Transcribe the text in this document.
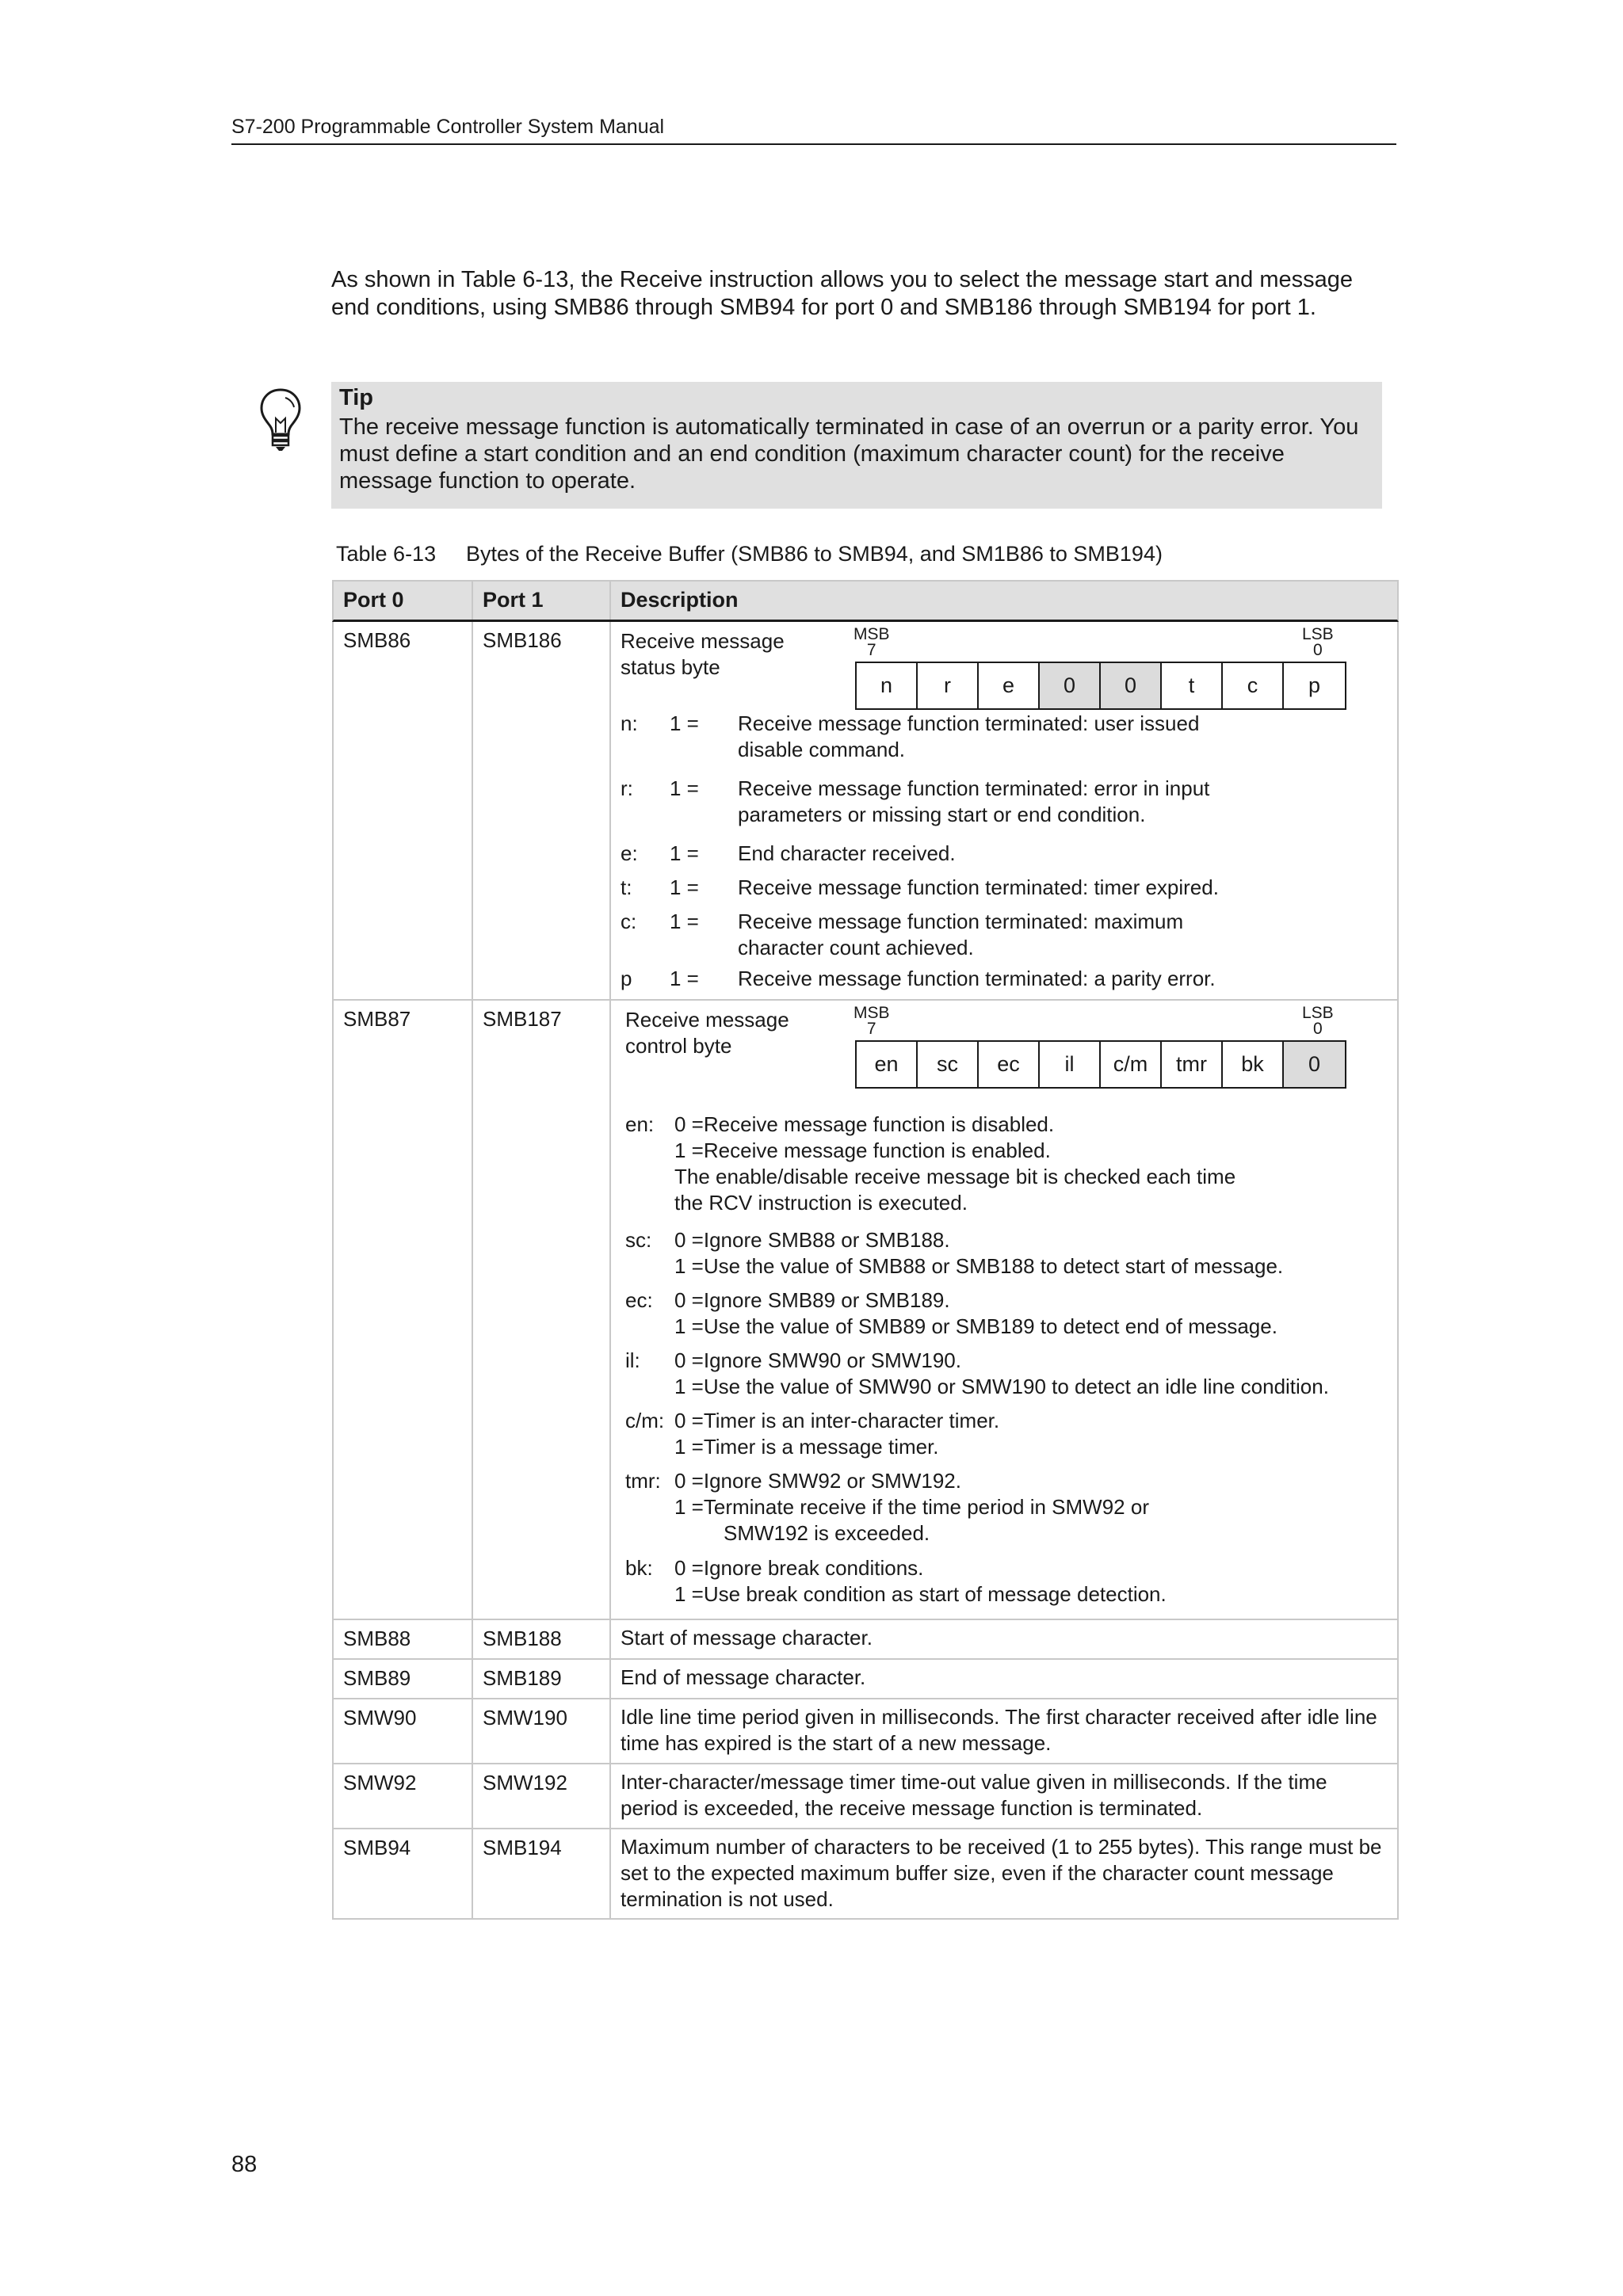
S7-200 Programmable Controller System Manual
As shown in Table 6-13, the Receive instruction allows you to select the message start and message end conditions, using SMB86 through SMB94 for port 0 and SMB186 through SMB194 for port 1.
Tip
The receive message function is automatically terminated in case of an overrun or a parity error. You must define a start condition and an end condition (maximum character count) for the receive message function to operate.
Table 6-13 Bytes of the Receive Buffer (SMB86 to SMB94, and SM1B86 to SMB194)
Port 0	Port 1	Description
SMB86	SMB186	Receive message
status byte
MSB
7
LSB
0
n	r	e	0	0	t	c	p
n: 1 = Receive message function terminated: user issued
disable command.
r: 1 = Receive message function terminated: error in input
parameters or missing start or end condition.
e: 1 = End character received.
t: 1 = Receive message function terminated: timer expired.
c: 1 = Receive message function terminated: maximum
character count achieved.
p 1 = Receive message function terminated: a parity error.
SMB87	SMB187	Receive message
control byte
MSB
7
LSB
0
en	sc	ec	il	c/m	tmr	bk	0
en: 0 =Receive message function is disabled.
1 =Receive message function is enabled.
The enable/disable receive message bit is checked each time
the RCV instruction is executed.
sc: 0 =Ignore SMB88 or SMB188.
1 =Use the value of SMB88 or SMB188 to detect start of message.
ec: 0 =Ignore SMB89 or SMB189.
1 =Use the value of SMB89 or SMB189 to detect end of message.
il: 0 =Ignore SMW90 or SMW190.
1 =Use the value of SMW90 or SMW190 to detect an idle line condition.
c/m: 0 =Timer is an inter-character timer.
1 =Timer is a message timer.
tmr: 0 =Ignore SMW92 or SMW192.
1 =Terminate receive if the time period in SMW92 or
SMW192 is exceeded.
bk: 0 =Ignore break conditions.
1 =Use break condition as start of message detection.
SMB88	SMB188	Start of message character.
SMB89	SMB189	End of message character.
SMW90	SMW190	Idle line time period given in milliseconds. The first character received after idle line time has expired is the start of a new message.
SMW92	SMW192	Inter-character/message timer time-out value given in milliseconds. If the time period is exceeded, the receive message function is terminated.
SMB94	SMB194	Maximum number of characters to be received (1 to 255 bytes). This range must be set to the expected maximum buffer size, even if the character count message termination is not used.
88
